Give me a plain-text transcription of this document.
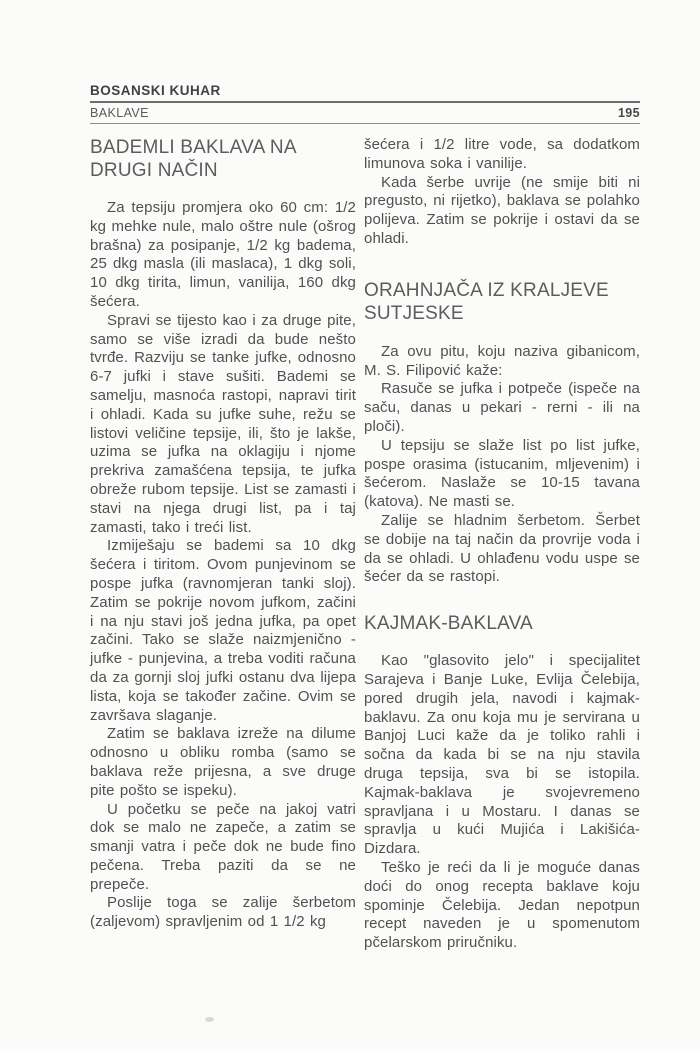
BOSANSKI KUHAR
BAKLAVE	195
BADEMLI BAKLAVA NA DRUGI NAČIN

Za tepsiju promjera oko 60 cm: 1/2 kg mehke nule, malo oštre nule (ošrog brašna) za posipanje, 1/2 kg badema, 25 dkg masla (ili maslaca), 1 dkg soli, 10 dkg tirita, limun, vanilija, 160 dkg šećera.

Spravi se tijesto kao i za druge pite, samo se više izradi da bude nešto tvrđe. Razviju se tanke jufke, odnosno 6-7 jufki i stave sušiti. Bademi se samelju, masnoća rastopi, napravi tirit i ohladi. Kada su jufke suhe, režu se listovi veličine tepsije, ili, što je lakše, uzima se jufka na oklagiju i njome prekriva zamašćena tepsija, te jufka obreže rubom tepsije. List se zamasti i stavi na njega drugi list, pa i taj zamasti, tako i treći list.

Izmiješaju se bademi sa 10 dkg šećera i tiritom. Ovom punjevinom se pospe jufka (ravnomjeran tanki sloj). Zatim se pokrije novom jufkom, začini i na nju stavi još jedna jufka, pa opet začini. Tako se slaže naizmjenično - jufke - punjevina, a treba voditi računa da za gornji sloj jufki ostanu dva lijepa lista, koja se također začine. Ovim se završava slaganje.

Zatim se baklava izreže na dilume odnosno u obliku romba (samo se baklava reže prijesna, a sve druge pite pošto se ispeku).

U početku se peče na jakoj vatri dok se malo ne zapeče, a zatim se smanji vatra i peče dok ne bude fino pečena. Treba paziti da se ne prepeče.

Poslije toga se zalije šerbetom (zaljevom) spravljenim od 1 1/2 kg

šećera i 1/2 litre vode, sa dodatkom limunova soka i vanilije.

Kada šerbe uvrije (ne smije biti ni pregusto, ni rijetko), baklava se polahko polijeva. Zatim se pokrije i ostavi da se ohladi.

ORAHNJAČA IZ KRALJEVE SUTJESKE

Za ovu pitu, koju naziva gibanicom, M. S. Filipović kaže:

Rasuče se jufka i potpeče (ispeče na saču, danas u pekari - rerni - ili na ploči).

U tepsiju se slaže list po list jufke, pospe orasima (istucanim, mljevenim) i šećerom. Naslaže se 10-15 tavana (katova). Ne masti se.

Zalije se hladnim šerbetom. Šerbet se dobije na taj način da provrije voda i da se ohladi. U ohlađenu vodu uspe se šećer da se rastopi.

KAJMAK-BAKLAVA

Kao "glasovito jelo" i specijalitet Sarajeva i Banje Luke, Evlija Čelebija, pored drugih jela, navodi i kajmak-baklavu. Za onu koja mu je servirana u Banjoj Luci kaže da je toliko rahli i sočna da kada bi se na nju stavila druga tepsija, sva bi se istopila. Kajmak-baklava je svojevremeno spravljana i u Mostaru. I danas se spravlja u kući Mujića i Lakišića-Dizdara.

Teško je reći da li je moguće danas doći do onog recepta baklave koju spominje Čelebija. Jedan nepotpun recept naveden je u spomenutom pčelarskom priručniku.
